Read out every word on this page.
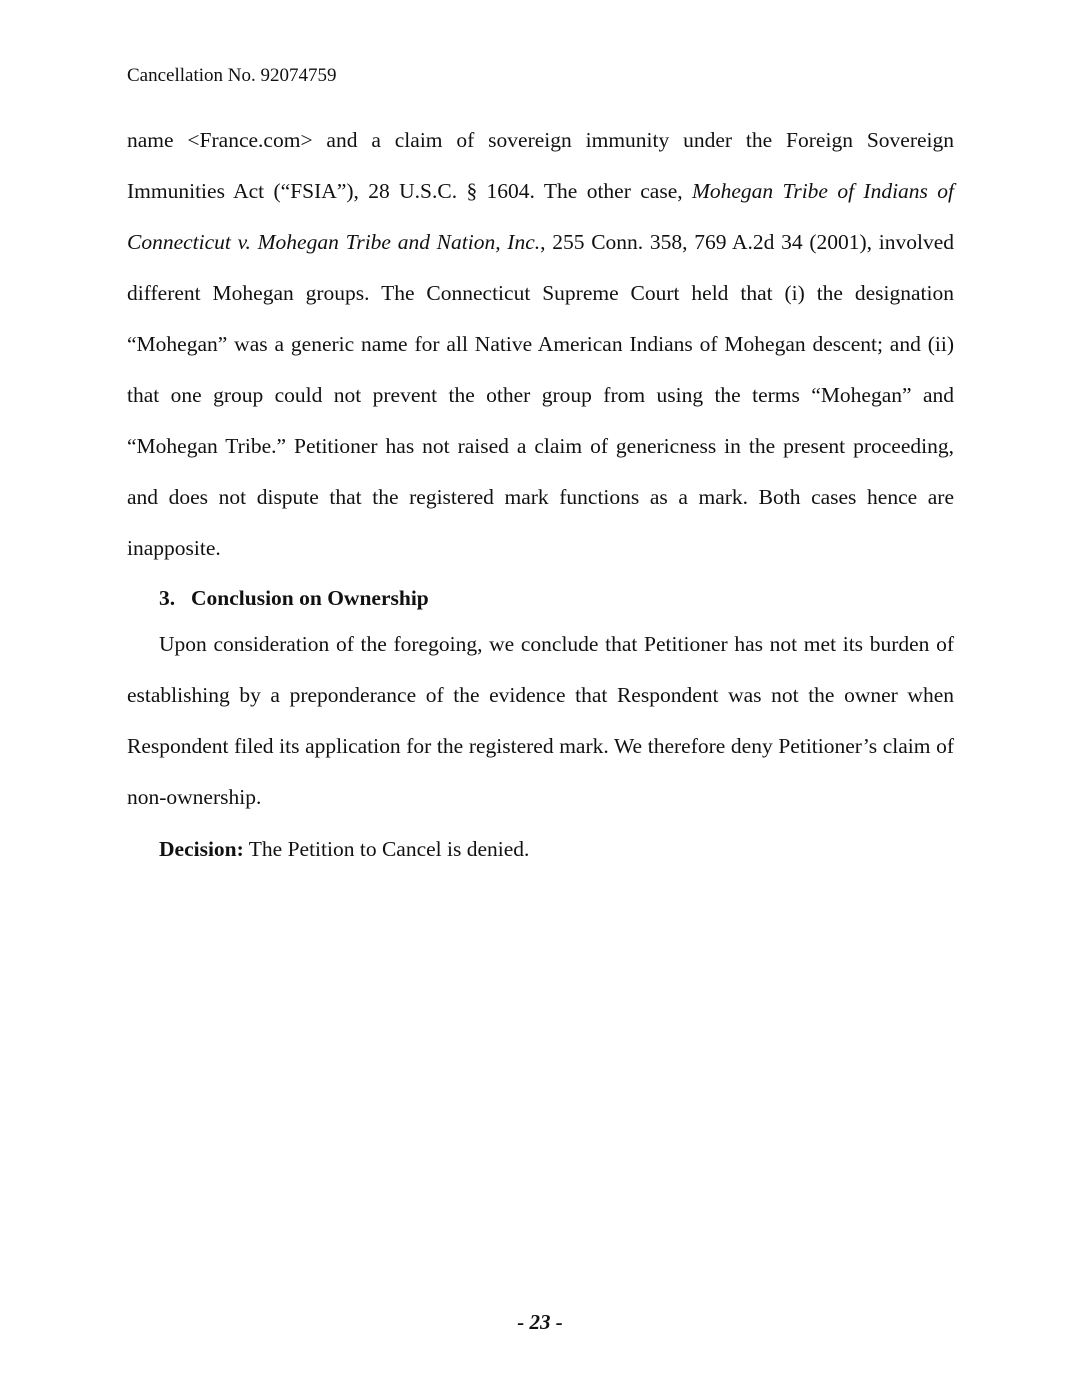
Cancellation No. 92074759

name <France.com> and a claim of sovereign immunity under the Foreign Sovereign Immunities Act (“FSIA”), 28 U.S.C. § 1604. The other case, Mohegan Tribe of Indians of Connecticut v. Mohegan Tribe and Nation, Inc., 255 Conn. 358, 769 A.2d 34 (2001), involved different Mohegan groups. The Connecticut Supreme Court held that (i) the designation “Mohegan” was a generic name for all Native American Indians of Mohegan descent; and (ii) that one group could not prevent the other group from using the terms “Mohegan” and “Mohegan Tribe.” Petitioner has not raised a claim of genericness in the present proceeding, and does not dispute that the registered mark functions as a mark. Both cases hence are inapposite.

3. Conclusion on Ownership

Upon consideration of the foregoing, we conclude that Petitioner has not met its burden of establishing by a preponderance of the evidence that Respondent was not the owner when Respondent filed its application for the registered mark. We therefore deny Petitioner’s claim of non-ownership.

Decision: The Petition to Cancel is denied.
- 23 -
